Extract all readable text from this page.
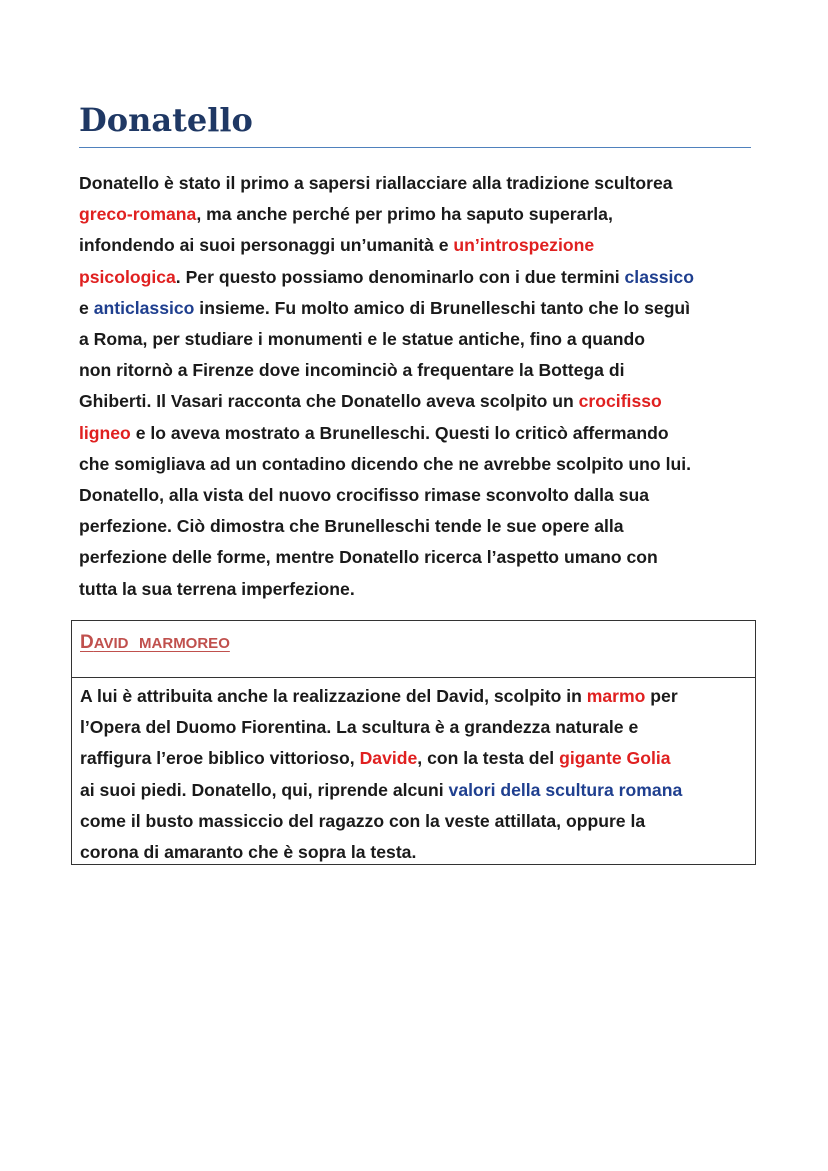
Donatello

Donatello è stato il primo a sapersi riallacciare alla tradizione scultorea
greco-romana, ma anche perché per primo ha saputo superarla,
infondendo ai suoi personaggi un’umanità e un’introspezione
psicologica. Per questo possiamo denominarlo con i due termini classico
e anticlassico insieme. Fu molto amico di Brunelleschi tanto che lo seguì
a Roma, per studiare i monumenti e le statue antiche, fino a quando
non ritornò a Firenze dove incominciò a frequentare la Bottega di
Ghiberti. Il Vasari racconta che Donatello aveva scolpito un crocifisso
ligneo e lo aveva mostrato a Brunelleschi. Questi lo criticò affermando
che somigliava ad un contadino dicendo che ne avrebbe scolpito uno lui.
Donatello, alla vista del nuovo crocifisso rimase sconvolto dalla sua
perfezione. Ciò dimostra che Brunelleschi tende le sue opere alla
perfezione delle forme, mentre Donatello ricerca l’aspetto umano con
tutta la sua terrena imperfezione.

DAVID MARMOREO

A lui è attribuita anche la realizzazione del David, scolpito in marmo per
l’Opera del Duomo Fiorentina. La scultura è a grandezza naturale e
raffigura l’eroe biblico vittorioso, Davide, con la testa del gigante Golia
ai suoi piedi. Donatello, qui, riprende alcuni valori della scultura romana
come il busto massiccio del ragazzo con la veste attillata, oppure la
corona di amaranto che è sopra la testa.
